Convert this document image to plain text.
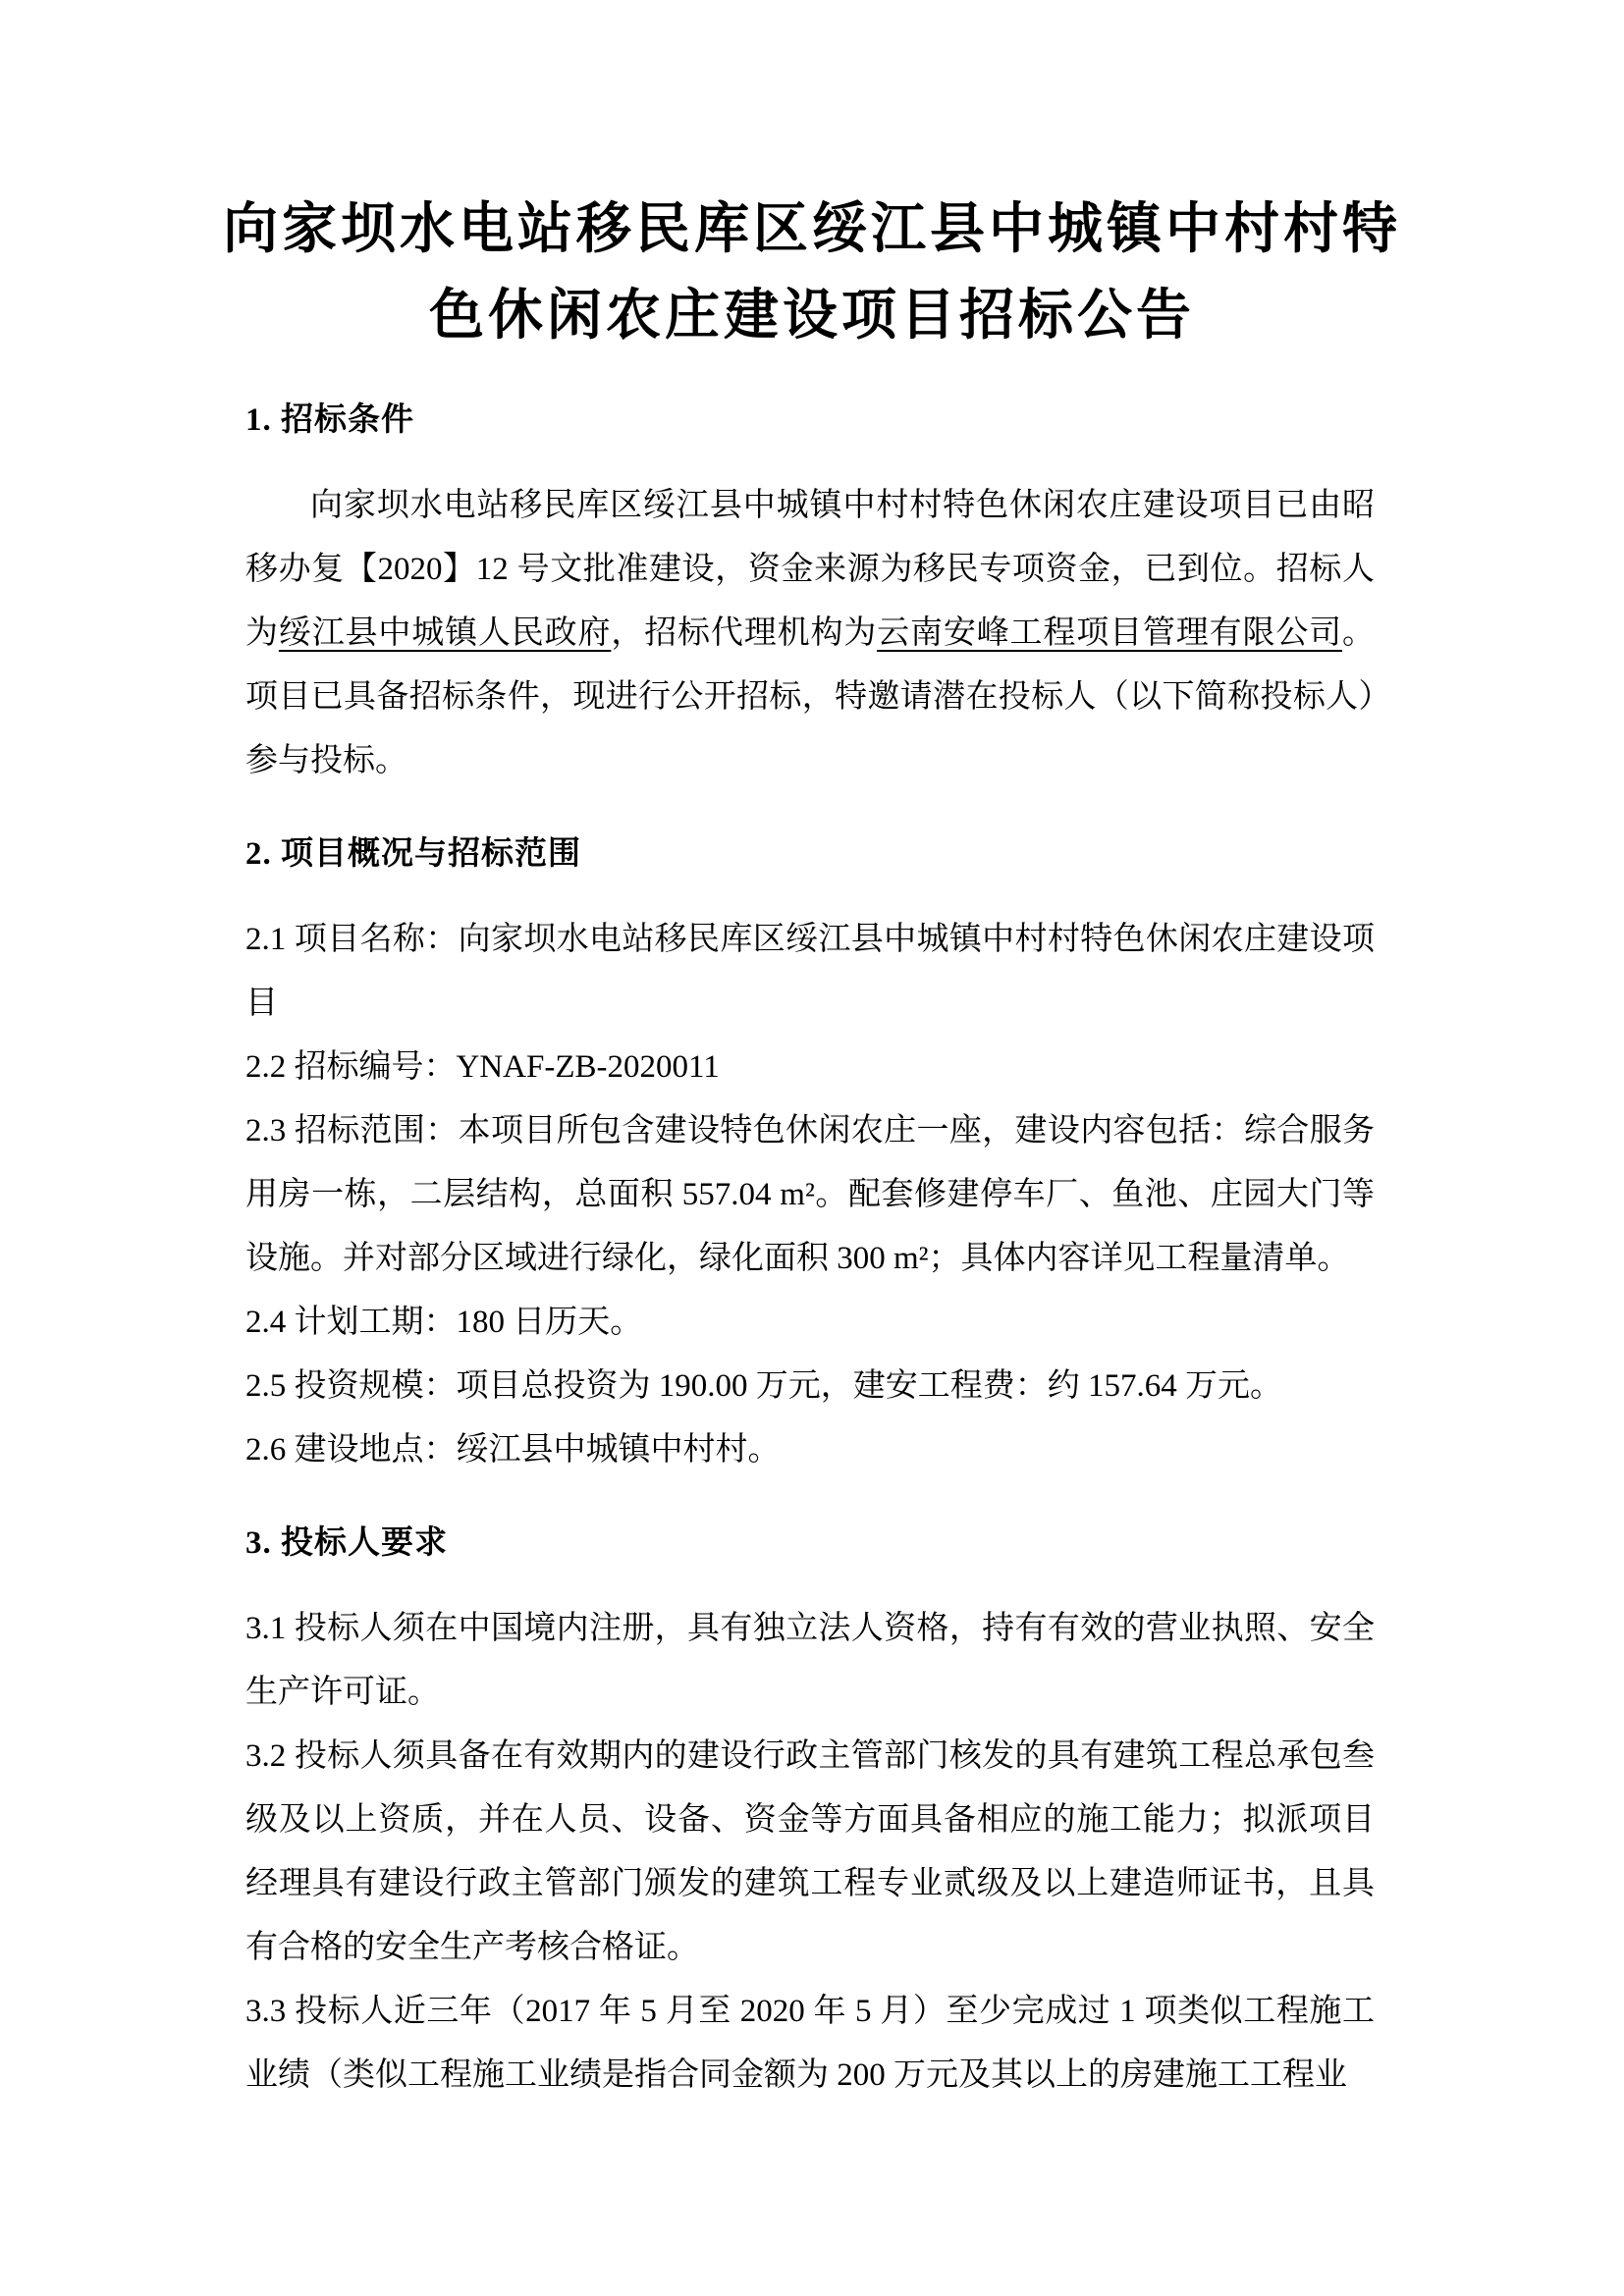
向家坝水电站移民库区绥江县中城镇中村村特色休闲农庄建设项目招标公告
1. 招标条件

向家坝水电站移民库区绥江县中城镇中村村特色休闲农庄建设项目已由昭移办复【2020】12 号文批准建设，资金来源为移民专项资金，已到位。招标人为绥江县中城镇人民政府，招标代理机构为云南安峰工程项目管理有限公司。项目已具备招标条件，现进行公开招标，特邀请潜在投标人（以下简称投标人）参与投标。

2. 项目概况与招标范围

2.1 项目名称：向家坝水电站移民库区绥江县中城镇中村村特色休闲农庄建设项目

2.2 招标编号：YNAF-ZB-2020011

2.3 招标范围：本项目所包含建设特色休闲农庄一座，建设内容包括：综合服务用房一栋，二层结构，总面积 557.04 m²。配套修建停车厂、鱼池、庄园大门等设施。并对部分区域进行绿化，绿化面积 300 m²；具体内容详见工程量清单。

2.4 计划工期：180 日历天。

2.5 投资规模：项目总投资为 190.00 万元，建安工程费：约 157.64 万元。

2.6 建设地点：绥江县中城镇中村村。

3. 投标人要求

3.1 投标人须在中国境内注册，具有独立法人资格，持有有效的营业执照、安全生产许可证。

3.2 投标人须具备在有效期内的建设行政主管部门核发的具有建筑工程总承包叁级及以上资质，并在人员、设备、资金等方面具备相应的施工能力；拟派项目经理具有建设行政主管部门颁发的建筑工程专业贰级及以上建造师证书，且具有合格的安全生产考核合格证。

3.3 投标人近三年（2017 年 5 月至 2020 年 5 月）至少完成过 1 项类似工程施工业绩（类似工程施工业绩是指合同金额为 200 万元及其以上的房建施工工程业
